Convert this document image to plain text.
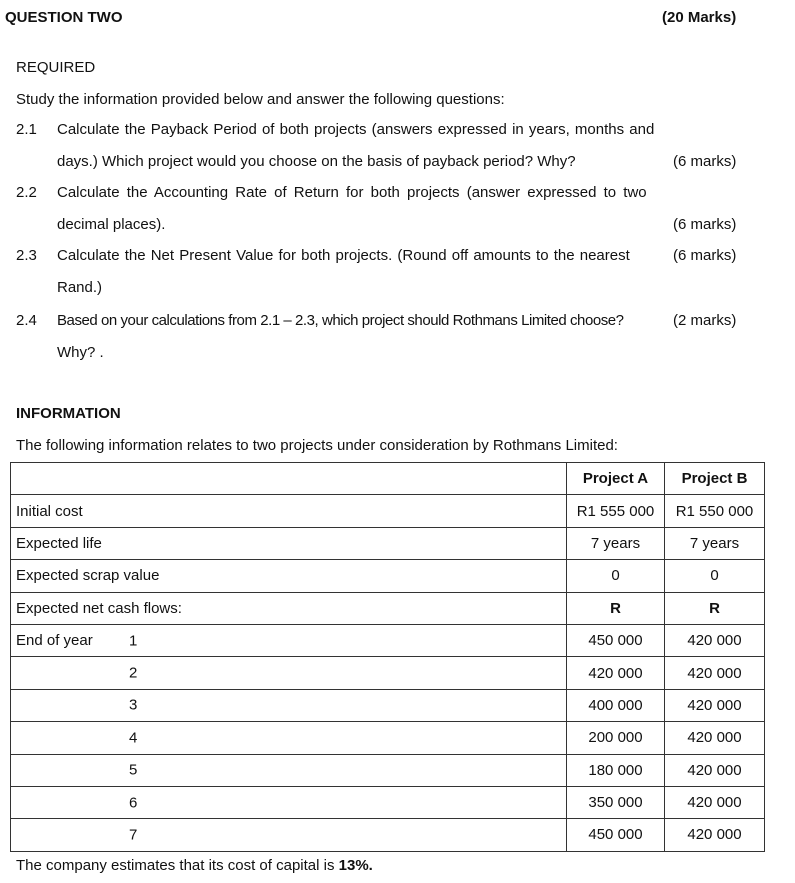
QUESTION TWO	(20 Marks)
REQUIRED
Study the information provided below and answer the following questions:
2.1 Calculate the Payback Period of both projects (answers expressed in years, months and
days.) Which project would you choose on the basis of payback period? Why?	(6 marks)
2.2 Calculate the Accounting Rate of Return for both projects (answer expressed to two
decimal places).	(6 marks)
2.3 Calculate the Net Present Value for both projects. (Round off amounts to the nearest	(6 marks)
Rand.)
2.4 Based on your calculations from 2.1 – 2.3, which project should Rothmans Limited choose?	(2 marks)
Why? .
INFORMATION
The following information relates to two projects under consideration by Rothmans Limited:
	Project A	Project B
Initial cost	R1 555 000	R1 550 000
Expected life	7 years	7 years
Expected scrap value	0	0
Expected net cash flows:	R	R
End of year 1	450 000	420 000

2	420 000	420 000

3	400 000	420 000

4	200 000	420 000

5	180 000	420 000

6	350 000	420 000

7	450 000	420 000
The company estimates that its cost of capital is 13%.
